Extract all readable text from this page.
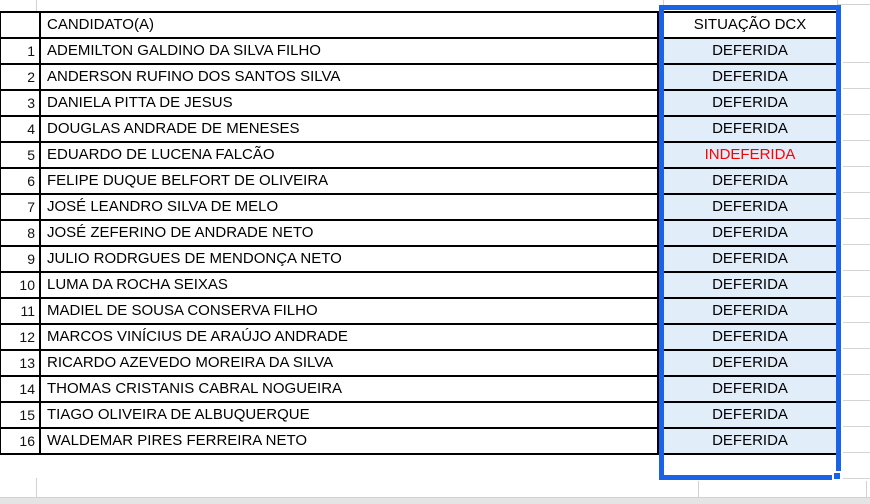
CANDIDATO(A)	SITUAÇÃO DCX
1 ADEMILTON GALDINO DA SILVA FILHO	DEFERIDA
2 ANDERSON RUFINO DOS SANTOS SILVA	DEFERIDA
3 DANIELA PITTA DE JESUS	DEFERIDA
4 DOUGLAS ANDRADE DE MENESES	DEFERIDA
5 EDUARDO DE LUCENA FALCÃO	INDEFERIDA
6 FELIPE DUQUE BELFORT DE OLIVEIRA	DEFERIDA
7 JOSÉ LEANDRO SILVA DE MELO	DEFERIDA
8 JOSÉ ZEFERINO DE ANDRADE NETO	DEFERIDA
9 JULIO RODRGUES DE MENDONÇA NETO	DEFERIDA
10 LUMA DA ROCHA SEIXAS	DEFERIDA
11 MADIEL DE SOUSA CONSERVA FILHO	DEFERIDA
12 MARCOS VINÍCIUS DE ARAÚJO ANDRADE	DEFERIDA
13 RICARDO AZEVEDO MOREIRA DA SILVA	DEFERIDA
14 THOMAS CRISTANIS CABRAL NOGUEIRA	DEFERIDA
15 TIAGO OLIVEIRA DE ALBUQUERQUE	DEFERIDA
16 WALDEMAR PIRES FERREIRA NETO	DEFERIDA
